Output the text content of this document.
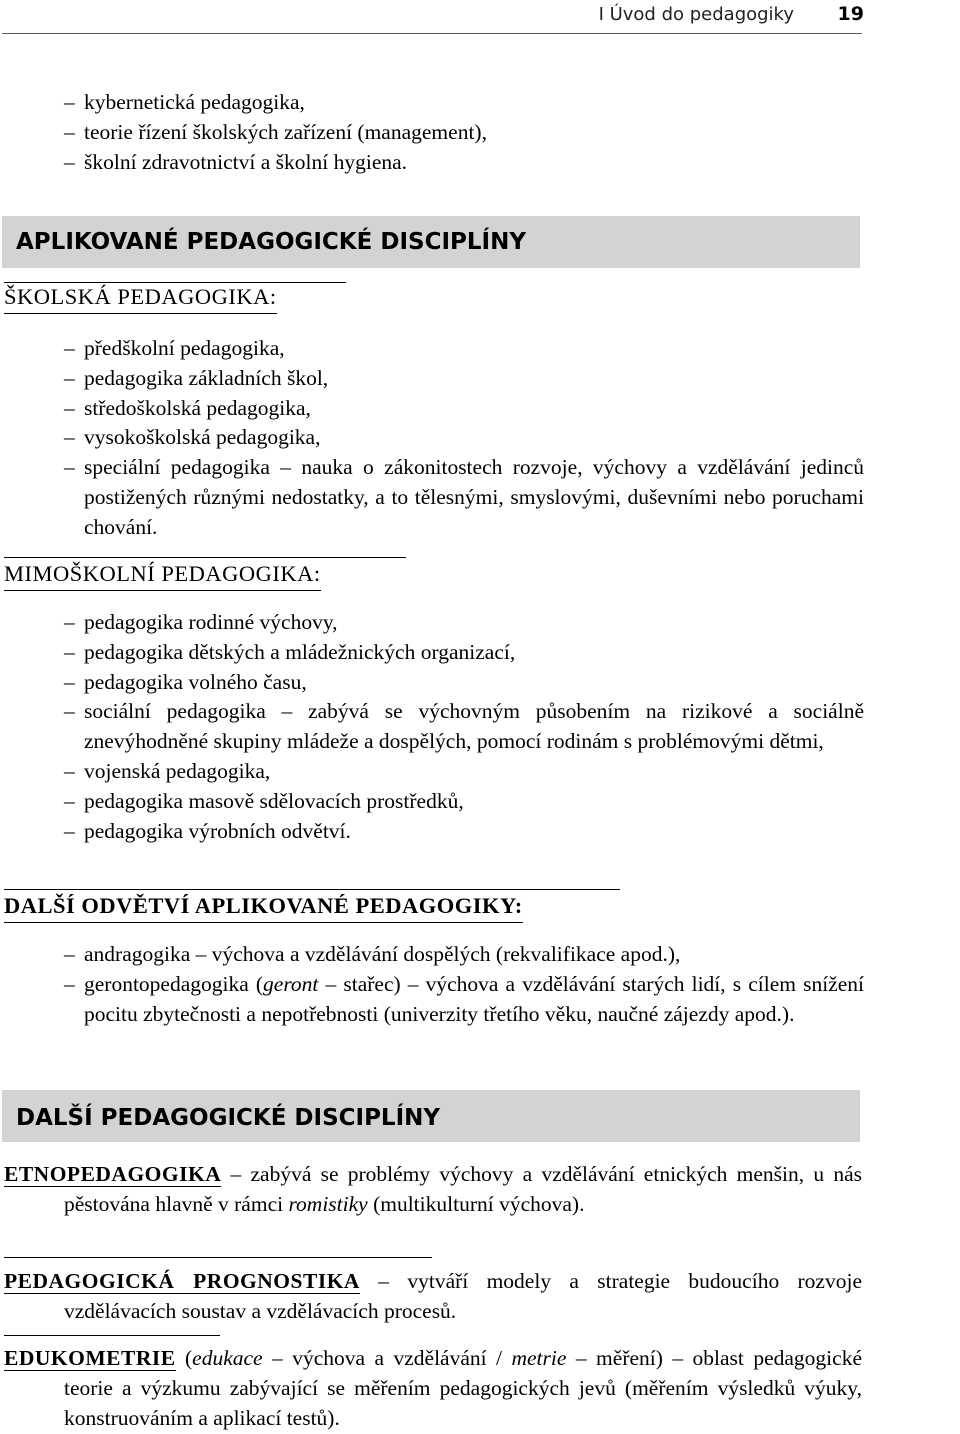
I Úvod do pedagogiky 19
– kybernetická pedagogika,
– teorie řízení školských zařízení (management),
– školní zdravotnictví a školní hygiena.
APLIKOVANÉ PEDAGOGICKÉ DISCIPLÍNY
ŠKOLSKÁ PEDAGOGIKA:
– předškolní pedagogika,
– pedagogika základních škol,
– středoškolská pedagogika,
– vysokoškolská pedagogika,
– speciální pedagogika – nauka o zákonitostech rozvoje, výchovy a vzdělávání jedinců postižených různými nedostatky, a to tělesnými, smyslovými, duševními nebo poruchami chování.
MIMOŠKOLNÍ PEDAGOGIKA:
– pedagogika rodinné výchovy,
– pedagogika dětských a mládežnických organizací,
– pedagogika volného času,
– sociální pedagogika – zabývá se výchovným působením na rizikové a sociálně znevýhodněné skupiny mládeže a dospělých, pomocí rodinám s problémovými dětmi,
– vojenská pedagogika,
– pedagogika masově sdělovacích prostředků,
– pedagogika výrobních odvětví.
DALŠÍ ODVĚTVÍ APLIKOVANÉ PEDAGOGIKY:
– andragogika – výchova a vzdělávání dospělých (rekvalifikace apod.),
– gerontopedagogika (geront – stařec) – výchova a vzdělávání starých lidí, s cílem snížení pocitu zbytečnosti a nepotřebnosti (univerzity třetího věku, naučné zájezdy apod.).
DALŠÍ PEDAGOGICKÉ DISCIPLÍNY
ETNOPEDAGOGIKA – zabývá se problémy výchovy a vzdělávání etnických menšin, u nás pěstována hlavně v rámci romistiky (multikulturní výchova).
PEDAGOGICKÁ PROGNOSTIKA – vytváří modely a strategie budoucího rozvoje vzdělávacích soustav a vzdělávacích procesů.
EDUKOMETRIE (edukace – výchova a vzdělávání / metrie – měření) – oblast pedagogické teorie a výzkumu zabývající se měřením pedagogických jevů (měřením výsledků výuky, konstruováním a aplikací testů).
